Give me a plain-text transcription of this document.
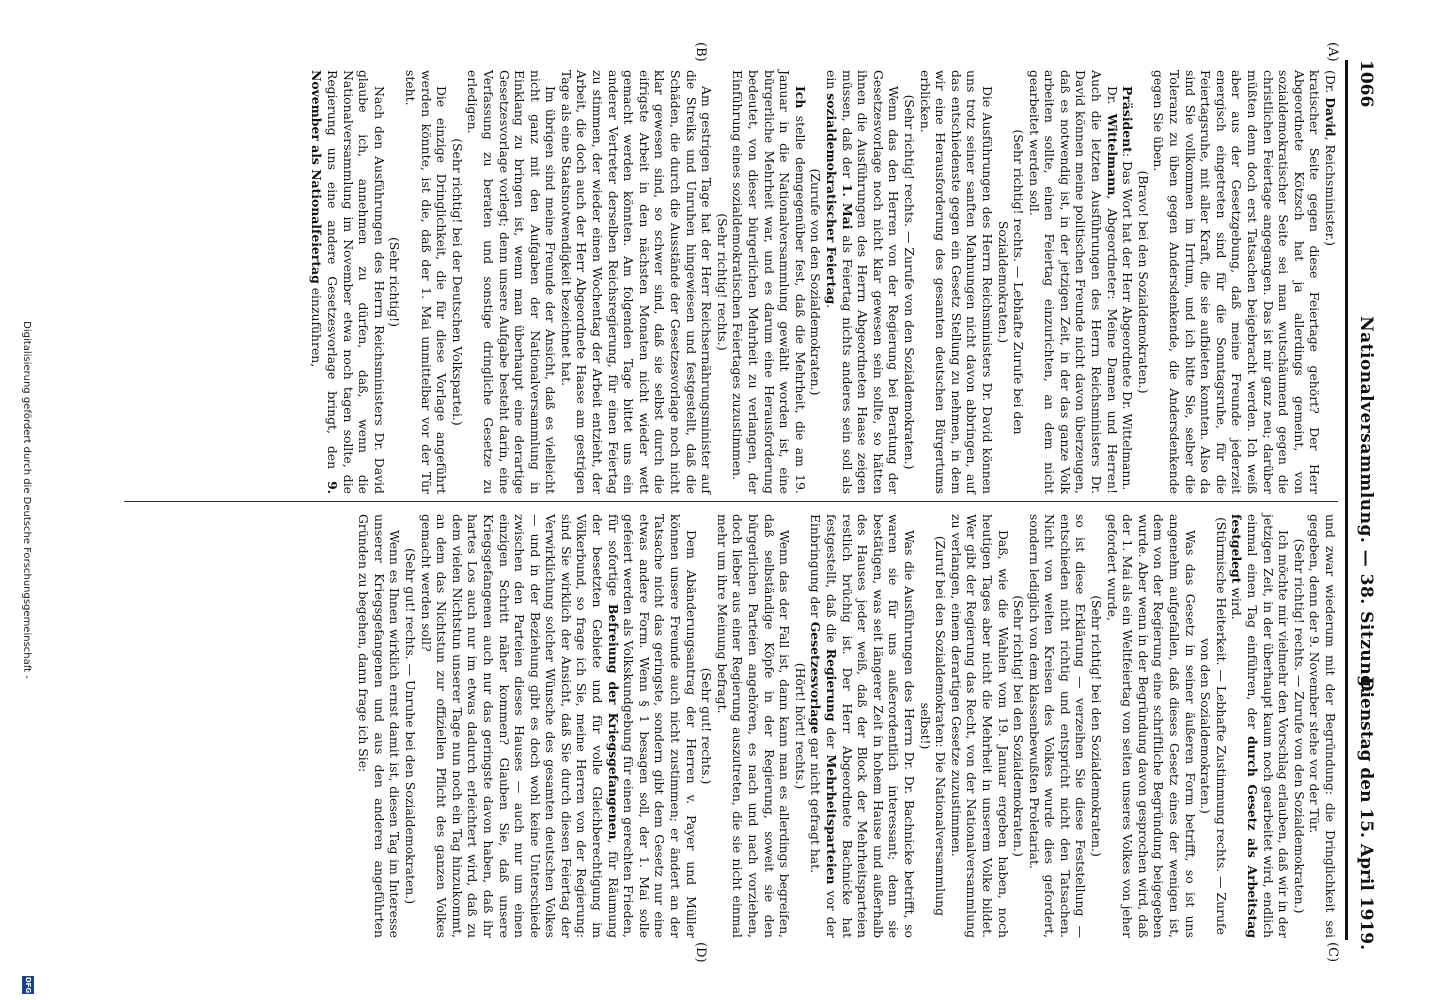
1066
Nationalversammlung. — 38. Sitzung.
Dienstag den 15. April 1919.
(A)
(B)
(C)
(D)

(Dr. David, Reichsminister.)

kratischer Seite gegen diese Feiertage gehört? Der Herr Abgeordnete Kötzsch hat ja allerdings gemeint, von sozialdemokratischer Seite sei man wutschäumend gegen die christlichen Feiertage angegangen. Das ist mir ganz neu; darüber müßten denn doch erst Tatsachen beigebracht werden. Ich weiß aber aus der Gesetzgebung, daß meine Freunde jederzeit energisch eingetreten sind für die Sonntagsruhe, für die Feiertagsruhe, mit aller Kraft, die sie aufbieten konnten. Also da sind Sie vollkommen im Irrtum, und ich bitte Sie, selber die Toleranz zu üben gegen Andersdenkende, die Andersdenkende gegen Sie üben.

(Bravo! bei den Sozialdemokraten.)

Präsident: Das Wort hat der Herr Abgeordnete Dr. Wittelmann.

Dr. Wittelmann, Abgeordneter: Meine Damen und Herren! Auch die letzten Ausführungen des Herrn Reichsministers Dr. David können meine politischen Freunde nicht davon überzeugen, daß es notwendig ist, in der jetzigen Zeit, in der das ganze Volk arbeiten sollte, einen Feiertag einzurichten, an dem nicht gearbeitet werden soll.

(Sehr richtig! rechts. — Lebhafte Zurufe bei den Sozialdemokraten.)

Die Ausführungen des Herrn Reichsministers Dr. David können uns trotz seiner sanften Mahnungen nicht davon abbringen, auf das entschiedenste gegen ein Gesetz Stellung zu nehmen, in dem wir eine Herausforderung des gesamten deutschen Bürgertums erblicken.

(Sehr richtig! rechts. — Zurufe von den Sozialdemokraten.)

Wenn das den Herren von der Regierung bei Beratung der Gesetzesvorlage noch nicht klar gewesen sein sollte, so hätten ihnen die Ausführungen des Herrn Abgeordneten Haase zeigen müssen, daß der 1. Mai als Feiertag nichts anderes sein soll als ein sozialdemokratischer Feiertag.

(Zurufe von den Sozialdemokraten.)

Ich stelle demgegenüber fest, daß die Mehrheit, die am 19. Januar in die Nationalversammlung gewählt worden ist, eine bürgerliche Mehrheit war, und es darum eine Herausforderung bedeutet, von dieser bürgerlichen Mehrheit zu verlangen, der Einführung eines sozialdemokratischen Feiertages zuzustimmen.

(Sehr richtig! rechts.)

Am gestrigen Tage hat der Herr Reichsernährungsminister auf die Streiks und Unruhen hingewiesen und festgestellt, daß die Schäden, die durch die Ausstände der Gesetzesvorlage noch nicht klar gewesen sind, so schwer sind, daß sie selbst durch die eifrigste Arbeit in den nächsten Monaten nicht wieder wett gemacht werden könnten. Am folgenden Tage bittet uns ein anderer Vertreter derselben Reichsregierung, für einen Feiertag zu stimmen, der wieder einen Wochentag der Arbeit entzieht, der Arbeit, die doch auch der Herr Abgeordnete Haase am gestrigen Tage als eine Staatsnotwendigkeit bezeichnet hat.

Im übrigen sind meine Freunde der Ansicht, daß es vielleicht nicht ganz mit den Aufgaben der Nationalversammlung in Einklang zu bringen ist, wenn man überhaupt eine derartige Gesetzesvorlage vorlegt; denn unsere Aufgabe besteht darin, eine Verfassung zu beraten und sonstige dringliche Gesetze zu erledigen.

(Sehr richtig! bei der Deutschen Volkspartei.)

Die einzige Dringlichkeit, die für diese Vorlage angeführt werden könnte, ist die, daß der 1. Mai unmittelbar vor der Tür steht.

(Sehr richtig!)

Nach den Ausführungen des Herrn Reichsministers Dr. David glaube ich, annehmen zu dürfen, daß, wenn die Nationalversammlung im November etwa noch tagen sollte, die Regierung uns eine andere Gesetzesvorlage bringt, den 9. November als Nationalfeiertag einzuführen,

und zwar wiederum mit der Begründung: die Dringlichkeit sei gegeben, denn der 9. November stehe vor der Tür.

(Sehr richtig! rechts. — Zurufe von den Sozialdemokraten.)

Ich möchte mir vielmehr den Vorschlag erlauben, daß wir in der jetzigen Zeit, in der überhaupt kaum noch gearbeitet wird, endlich einmal einen Tag einführen, der durch Gesetz als Arbeitstag festgelegt wird.

(Stürmische Heiterkeit. — Lebhafte Zustimmung rechts. — Zurufe von den Sozialdemokraten.)

Was das Gesetz in seiner äußeren Form betrifft, so ist uns angenehm aufgefallen, daß dieses Gesetz eines der wenigen ist, dem von der Regierung eine schriftliche Begründung beigegeben wurde. Aber wenn in der Begründung davon gesprochen wird, daß der 1. Mai als ein Weltfeiertag von seiten unseres Volkes von jeher gefordert wurde,

(Sehr richtig! bei den Sozialdemokraten.)

so ist diese Erklärung — verzeihen Sie diese Feststellung — entschieden nicht richtig und entspricht nicht den Tatsachen. Nicht von weiten Kreisen des Volkes wurde dies gefordert, sondern lediglich von dem klassenbewußten Proletariat.

(Sehr richtig! bei den Sozialdemokraten.)

Daß, wie die Wahlen vom 19. Januar ergeben haben, noch heutigen Tages aber nicht die Mehrheit in unserem Volke bildet. Wer gibt der Regierung das Recht, von der Nationalversammlung zu verlangen, einem derartigen Gesetze zuzustimmen.

(Zuruf bei den Sozialdemokraten: Die Nationalversammlung selbst!)

Was die Ausführungen des Herrn Dr. Dr. Bachnicke betrifft, so waren sie für uns außerordentlich interessant; denn sie bestätigen, was seit längerer Zeit in hohem Hause und außerhalb des Hauses jeder weiß, daß der Block der Mehrheitsparteien restlich brüchig ist. Der Herr Abgeordnete Bachnicke hat festgestellt, daß die Regierung der Mehrheitsparteien vor der Einbringung der Gesetzesvorlage gar nicht gefragt hat.

(Hört! hört! rechts.)

Wenn das der Fall ist, dann kann man es allerdings begreifen, daß selbständige Köpfe in der Regierung, soweit sie den bürgerlichen Parteien angehören, es nach und nach vorziehen, doch lieber aus einer Regierung auszutreten, die sie nicht einmal mehr um ihre Meinung befragt.

(Sehr gut! rechts.)

Dem Abänderungsantrag der Herren v. Payer und Müller können unsere Freunde auch nicht zustimmen; er ändert an der Tatsache nicht das geringste, sondern gibt dem Gesetz nur eine etwas andere Form. Wenn § 1 besagen soll, der 1. Mai solle gefeiert werden als Volkskundgebung für einen gerechten Frieden, für sofortige Befreiung der Kriegsgefangenen, für Räumung der besetzten Gebiete und für volle Gleichberechtigung im Völkerbund, so frage ich Sie, meine Herren von der Regierung: sind Sie wirklich der Ansicht, daß Sie durch diesen Feiertag der Verwirklichung solcher Wünsche des gesamten deutschen Volkes — und in der Beziehung gibt es doch wohl keine Unterschiede zwischen den Parteien dieses Hauses — auch nur um einen einzigen Schritt näher kommen? Glauben Sie, daß unsere Kriegsgefangenen auch nur das geringste davon haben, daß ihr hartes Los auch nur im etwas dadurch erleichtert wird, daß zu dem vielen Nichtstun unserer Tage nun noch ein Tag hinzukommt, an dem das Nichtstun zur offiziellen Pflicht des ganzen Volkes gemacht werden soll?

(Sehr gut! rechts. — Unruhe bei den Sozialdemokraten.)

Wenn es Ihnen wirklich ernst damit ist, diesen Tag im Interesse unserer Kriegsgefangenen und aus den anderen angeführten Gründen zu begehen, dann frage ich Sie:

Digitalisierung gefördert durch die Deutsche Forschungsgemeinschaft -
DFG
